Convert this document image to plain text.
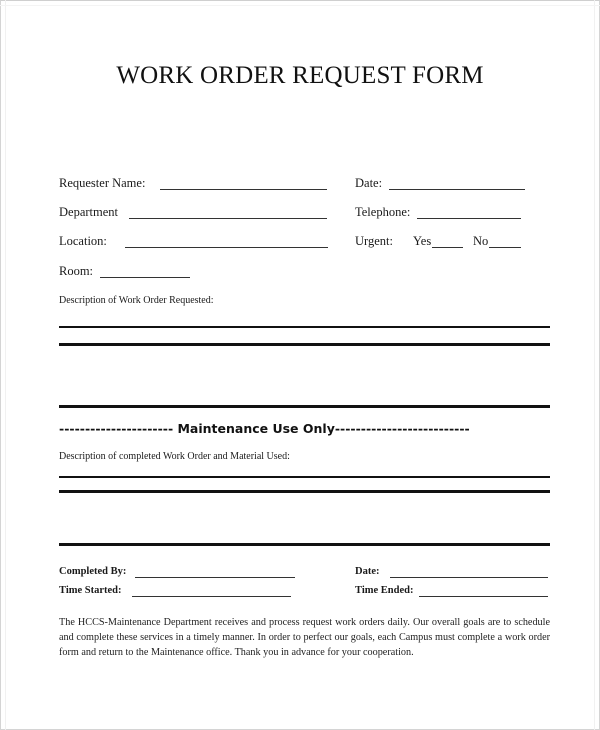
WORK ORDER REQUEST FORM
Requester Name:
Department
Location:
Room:
Date:
Telephone:
Urgent: Yes	No
Description of Work Order Requested:
---------------------- Maintenance Use Only--------------------------
Description of completed Work Order and Material Used:
Completed By:
Time Started:
Date:
Time Ended:
The HCCS-Maintenance Department receives and process request work orders daily. Our overall goals are to schedule and complete these services in a timely manner. In order to perfect our goals, each Campus must complete a work order form and return to the Maintenance office. Thank you in advance for your cooperation.
